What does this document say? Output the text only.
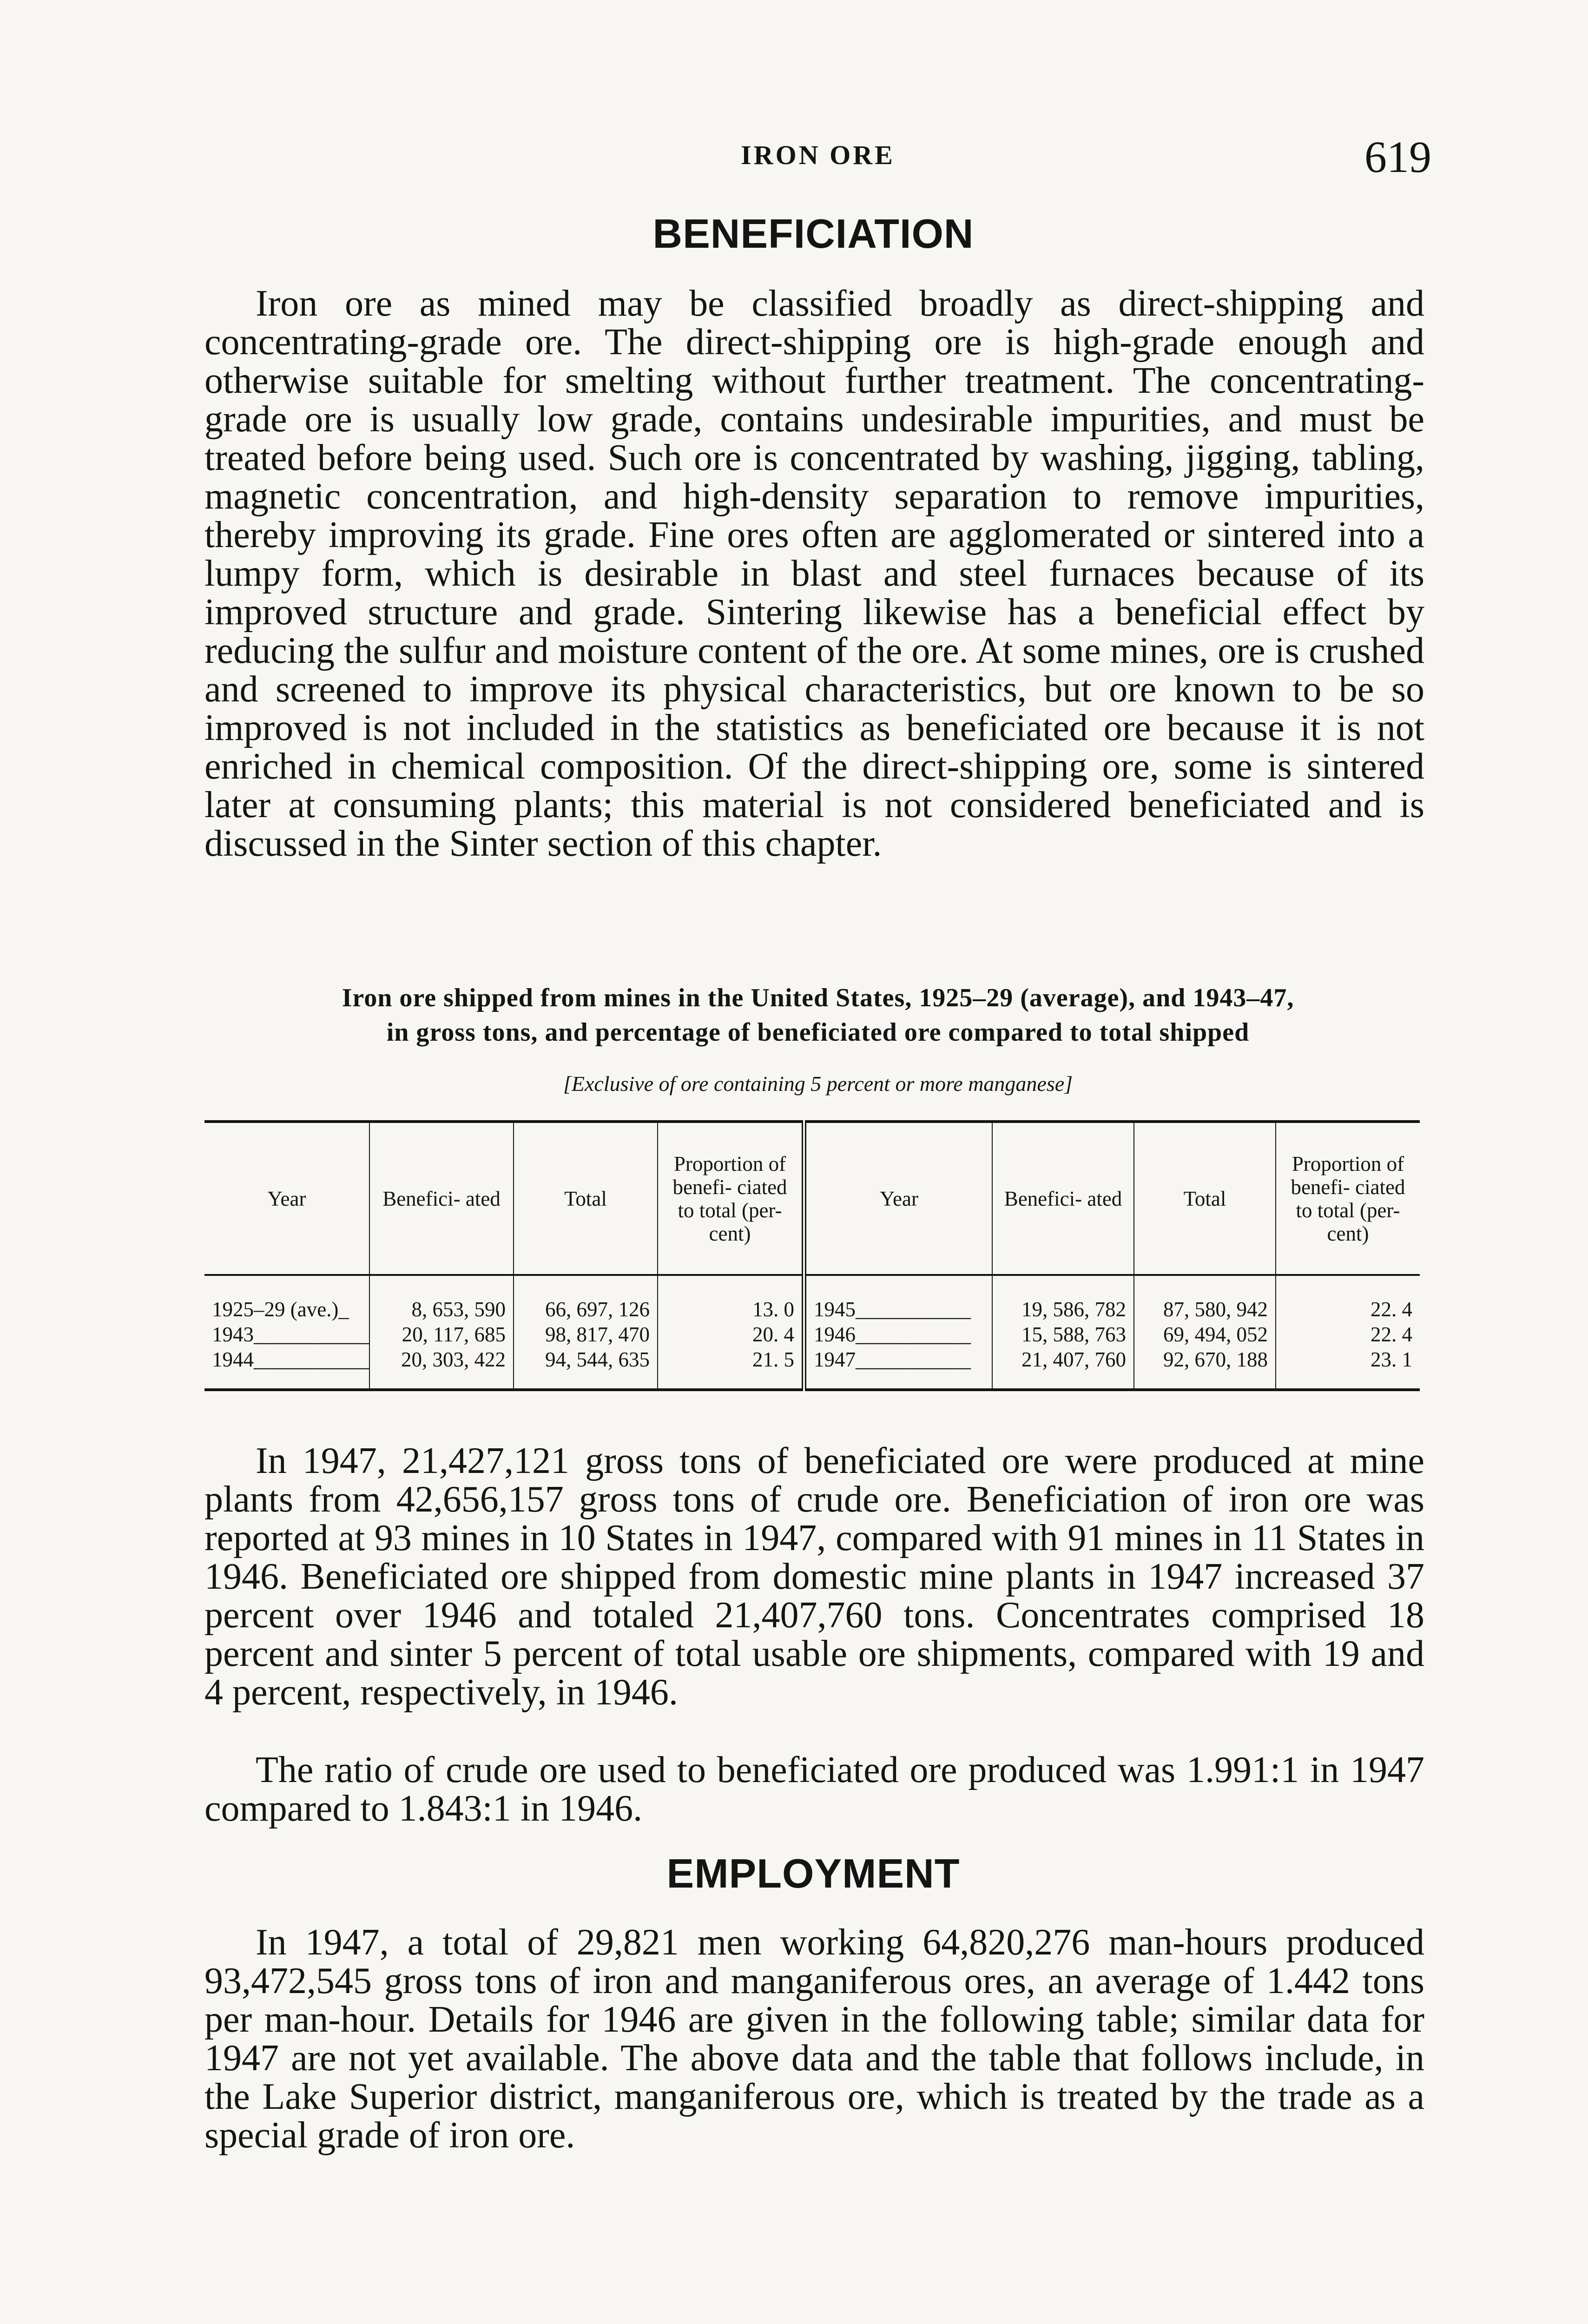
IRON ORE	619
BENEFICIATION

Iron ore as mined may be classified broadly as direct-shipping and concentrating-grade ore. The direct-shipping ore is high-grade enough and otherwise suitable for smelting without further treatment. The concentrating-grade ore is usually low grade, contains undesirable impurities, and must be treated before being used. Such ore is concentrated by washing, jigging, tabling, magnetic concentration, and high-density separation to remove impurities, thereby improving its grade. Fine ores often are agglomerated or sintered into a lumpy form, which is desirable in blast and steel furnaces because of its improved structure and grade. Sintering likewise has a beneficial effect by reducing the sulfur and moisture content of the ore. At some mines, ore is crushed and screened to improve its physical characteristics, but ore known to be so improved is not included in the statistics as beneficiated ore because it is not enriched in chemical composition. Of the direct-shipping ore, some is sintered later at consuming plants; this material is not considered beneficiated and is discussed in the Sinter section of this chapter.

Iron ore shipped from mines in the United States, 1925–29 (average), and 1943–47,
in gross tons, and percentage of beneficiated ore compared to total shipped
[Exclusive of ore containing 5 percent or more manganese]
Year	Benefici- ated	Total	Proportion of benefi- ciated to total (per- cent)	Year	Benefici- ated	Total	Proportion of benefi- ciated to total (per- cent)
1925–29 (ave.)_	8, 653, 590	66, 697, 126	13. 0	1945 _____	19, 586, 782	87, 580, 942	22. 4
1943 _____	20, 117, 685	98, 817, 470	20. 4	1946 _____	15, 588, 763	69, 494, 052	22. 4
1944 _____	20, 303, 422	94, 544, 635	21. 5	1947 _____	21, 407, 760	92, 670, 188	23. 1

In 1947, 21,427,121 gross tons of beneficiated ore were produced at mine plants from 42,656,157 gross tons of crude ore. Beneficiation of iron ore was reported at 93 mines in 10 States in 1947, compared with 91 mines in 11 States in 1946. Beneficiated ore shipped from domestic mine plants in 1947 increased 37 percent over 1946 and totaled 21,407,760 tons. Concentrates comprised 18 percent and sinter 5 percent of total usable ore shipments, compared with 19 and 4 percent, respectively, in 1946.

The ratio of crude ore used to beneficiated ore produced was 1.991:1 in 1947 compared to 1.843:1 in 1946.

EMPLOYMENT

In 1947, a total of 29,821 men working 64,820,276 man-hours produced 93,472,545 gross tons of iron and manganiferous ores, an average of 1.442 tons per man-hour. Details for 1946 are given in the following table; similar data for 1947 are not yet available. The above data and the table that follows include, in the Lake Superior district, manganiferous ore, which is treated by the trade as a special grade of iron ore.
